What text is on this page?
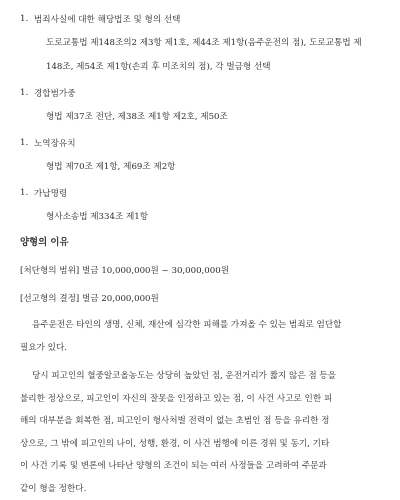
1. 범죄사실에 대한 해당법조 및 형의 선택
도로교통법 제148조의2 제3항 제1호, 제44조 제1항(음주운전의 점), 도로교통법 제
148조, 제54조 제1항(손괴 후 미조치의 점), 각 벌금형 선택
1. 경합범가중
형법 제37조 전단, 제38조 제1항 제2호, 제50조
1. 노역장유치
형법 제70조 제1항, 제69조 제2항
1. 가납명령
형사소송법 제334조 제1항
양형의 이유
[처단형의 범위] 벌금 10,000,000원 ~ 30,000,000원
[선고형의 결정] 벌금 20,000,000원
음주운전은 타인의 생명, 신체, 재산에 심각한 피해를 가져올 수 있는 범죄로 엄단할
필요가 있다.
당시 피고인의 혈중알코올농도는 상당히 높았던 점, 운전거리가 짧지 않은 점 등을
불리한 정상으로, 피고인이 자신의 잘못을 인정하고 있는 점, 이 사건 사고로 인한 피
해의 대부분을 회복한 점, 피고인이 형사처벌 전력이 없는 초범인 점 등을 유리한 정
상으로, 그 밖에 피고인의 나이, 성행, 환경, 이 사건 범행에 이른 경위 및 동기, 기타
이 사건 기록 및 변론에 나타난 양형의 조건이 되는 여러 사정들을 고려하여 주문과
같이 형을 정한다.
